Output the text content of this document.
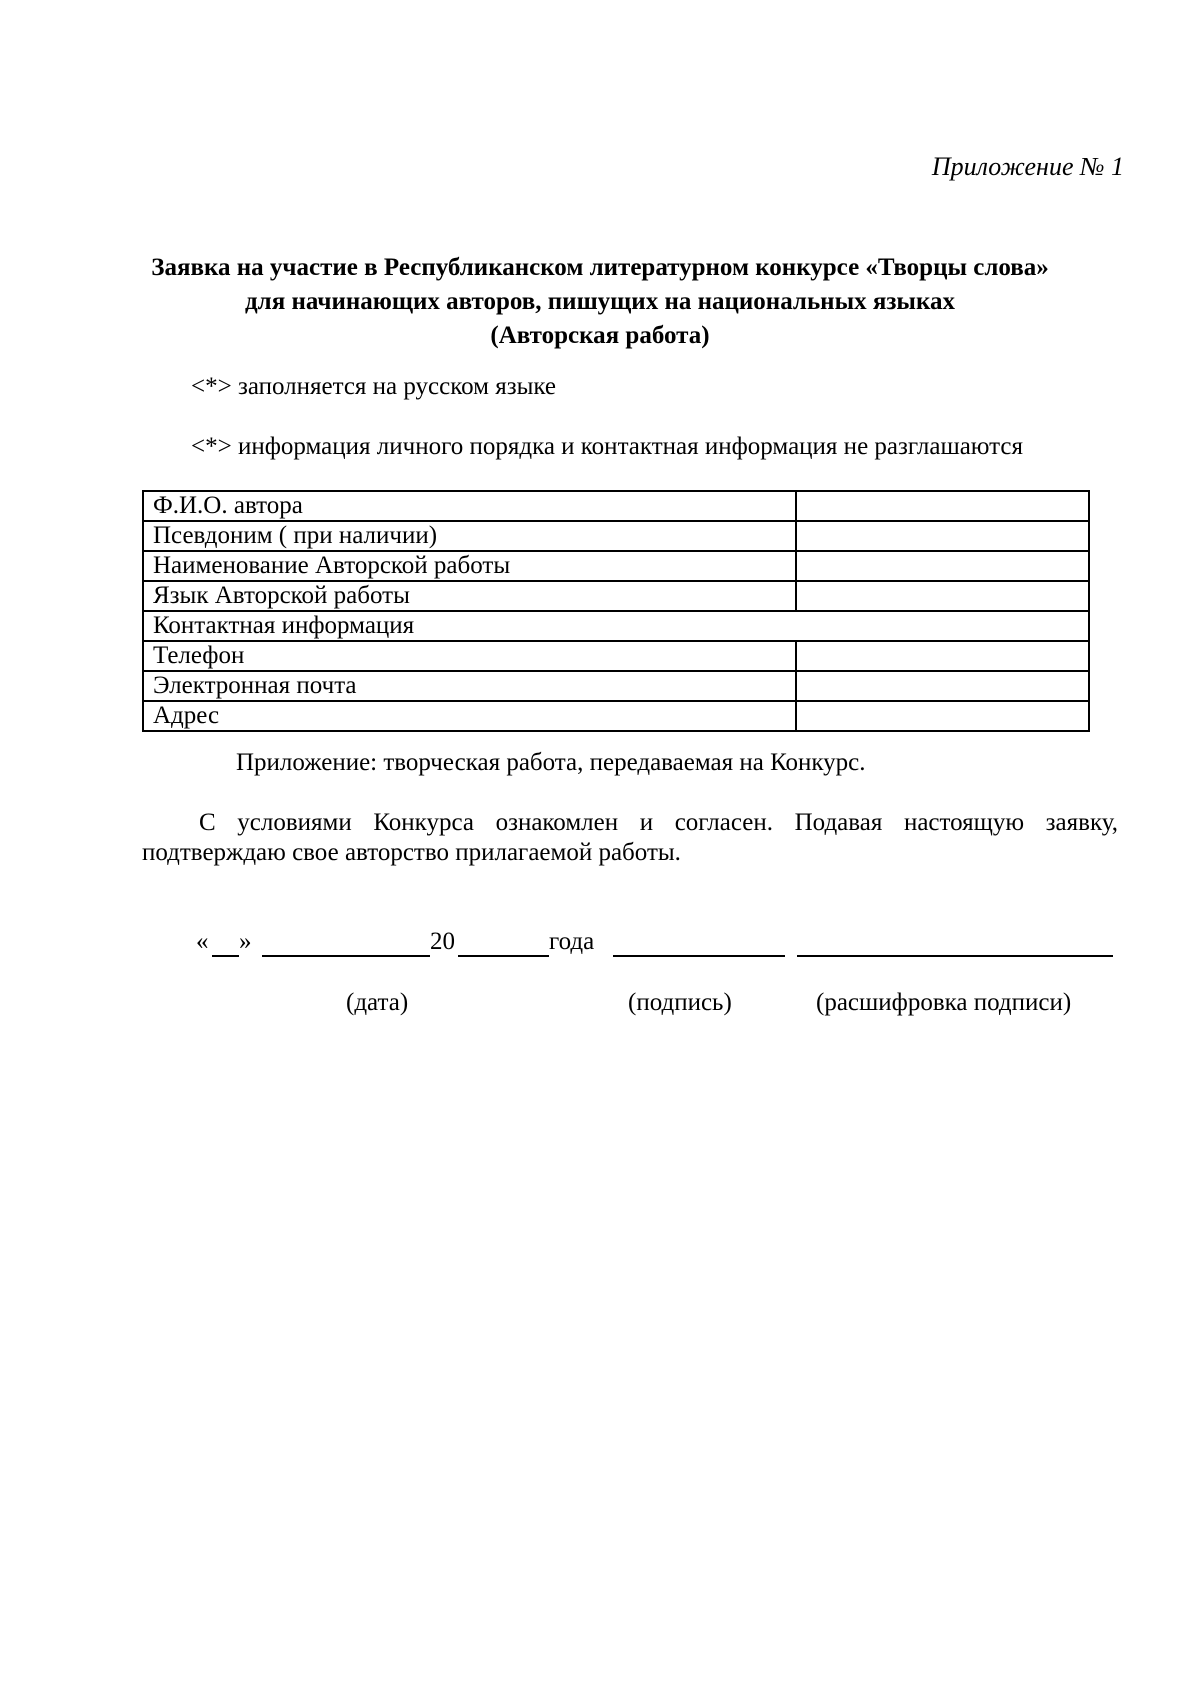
Приложение № 1
Заявка на участие в Республиканском литературном конкурсе «Творцы слова»
для начинающих авторов, пишущих на национальных языках
(Авторская работа)
<*> заполняется на русском языке
<*> информация личного порядка и контактная информация не разглашаются
Ф.И.О. автора	
Псевдоним ( при наличии)	
Наименование Авторской работы	
Язык Авторской работы	
Контактная информация	
Телефон	
Электронная почта	
Адрес	
Приложение: творческая работа, передаваемая на Конкурс.
С условиями Конкурса ознакомлен и согласен. Подавая настоящую заявку,
подтверждаю свое авторство прилагаемой работы.
« »	20	года
(дата)	(подпись)	(расшифровка подписи)
